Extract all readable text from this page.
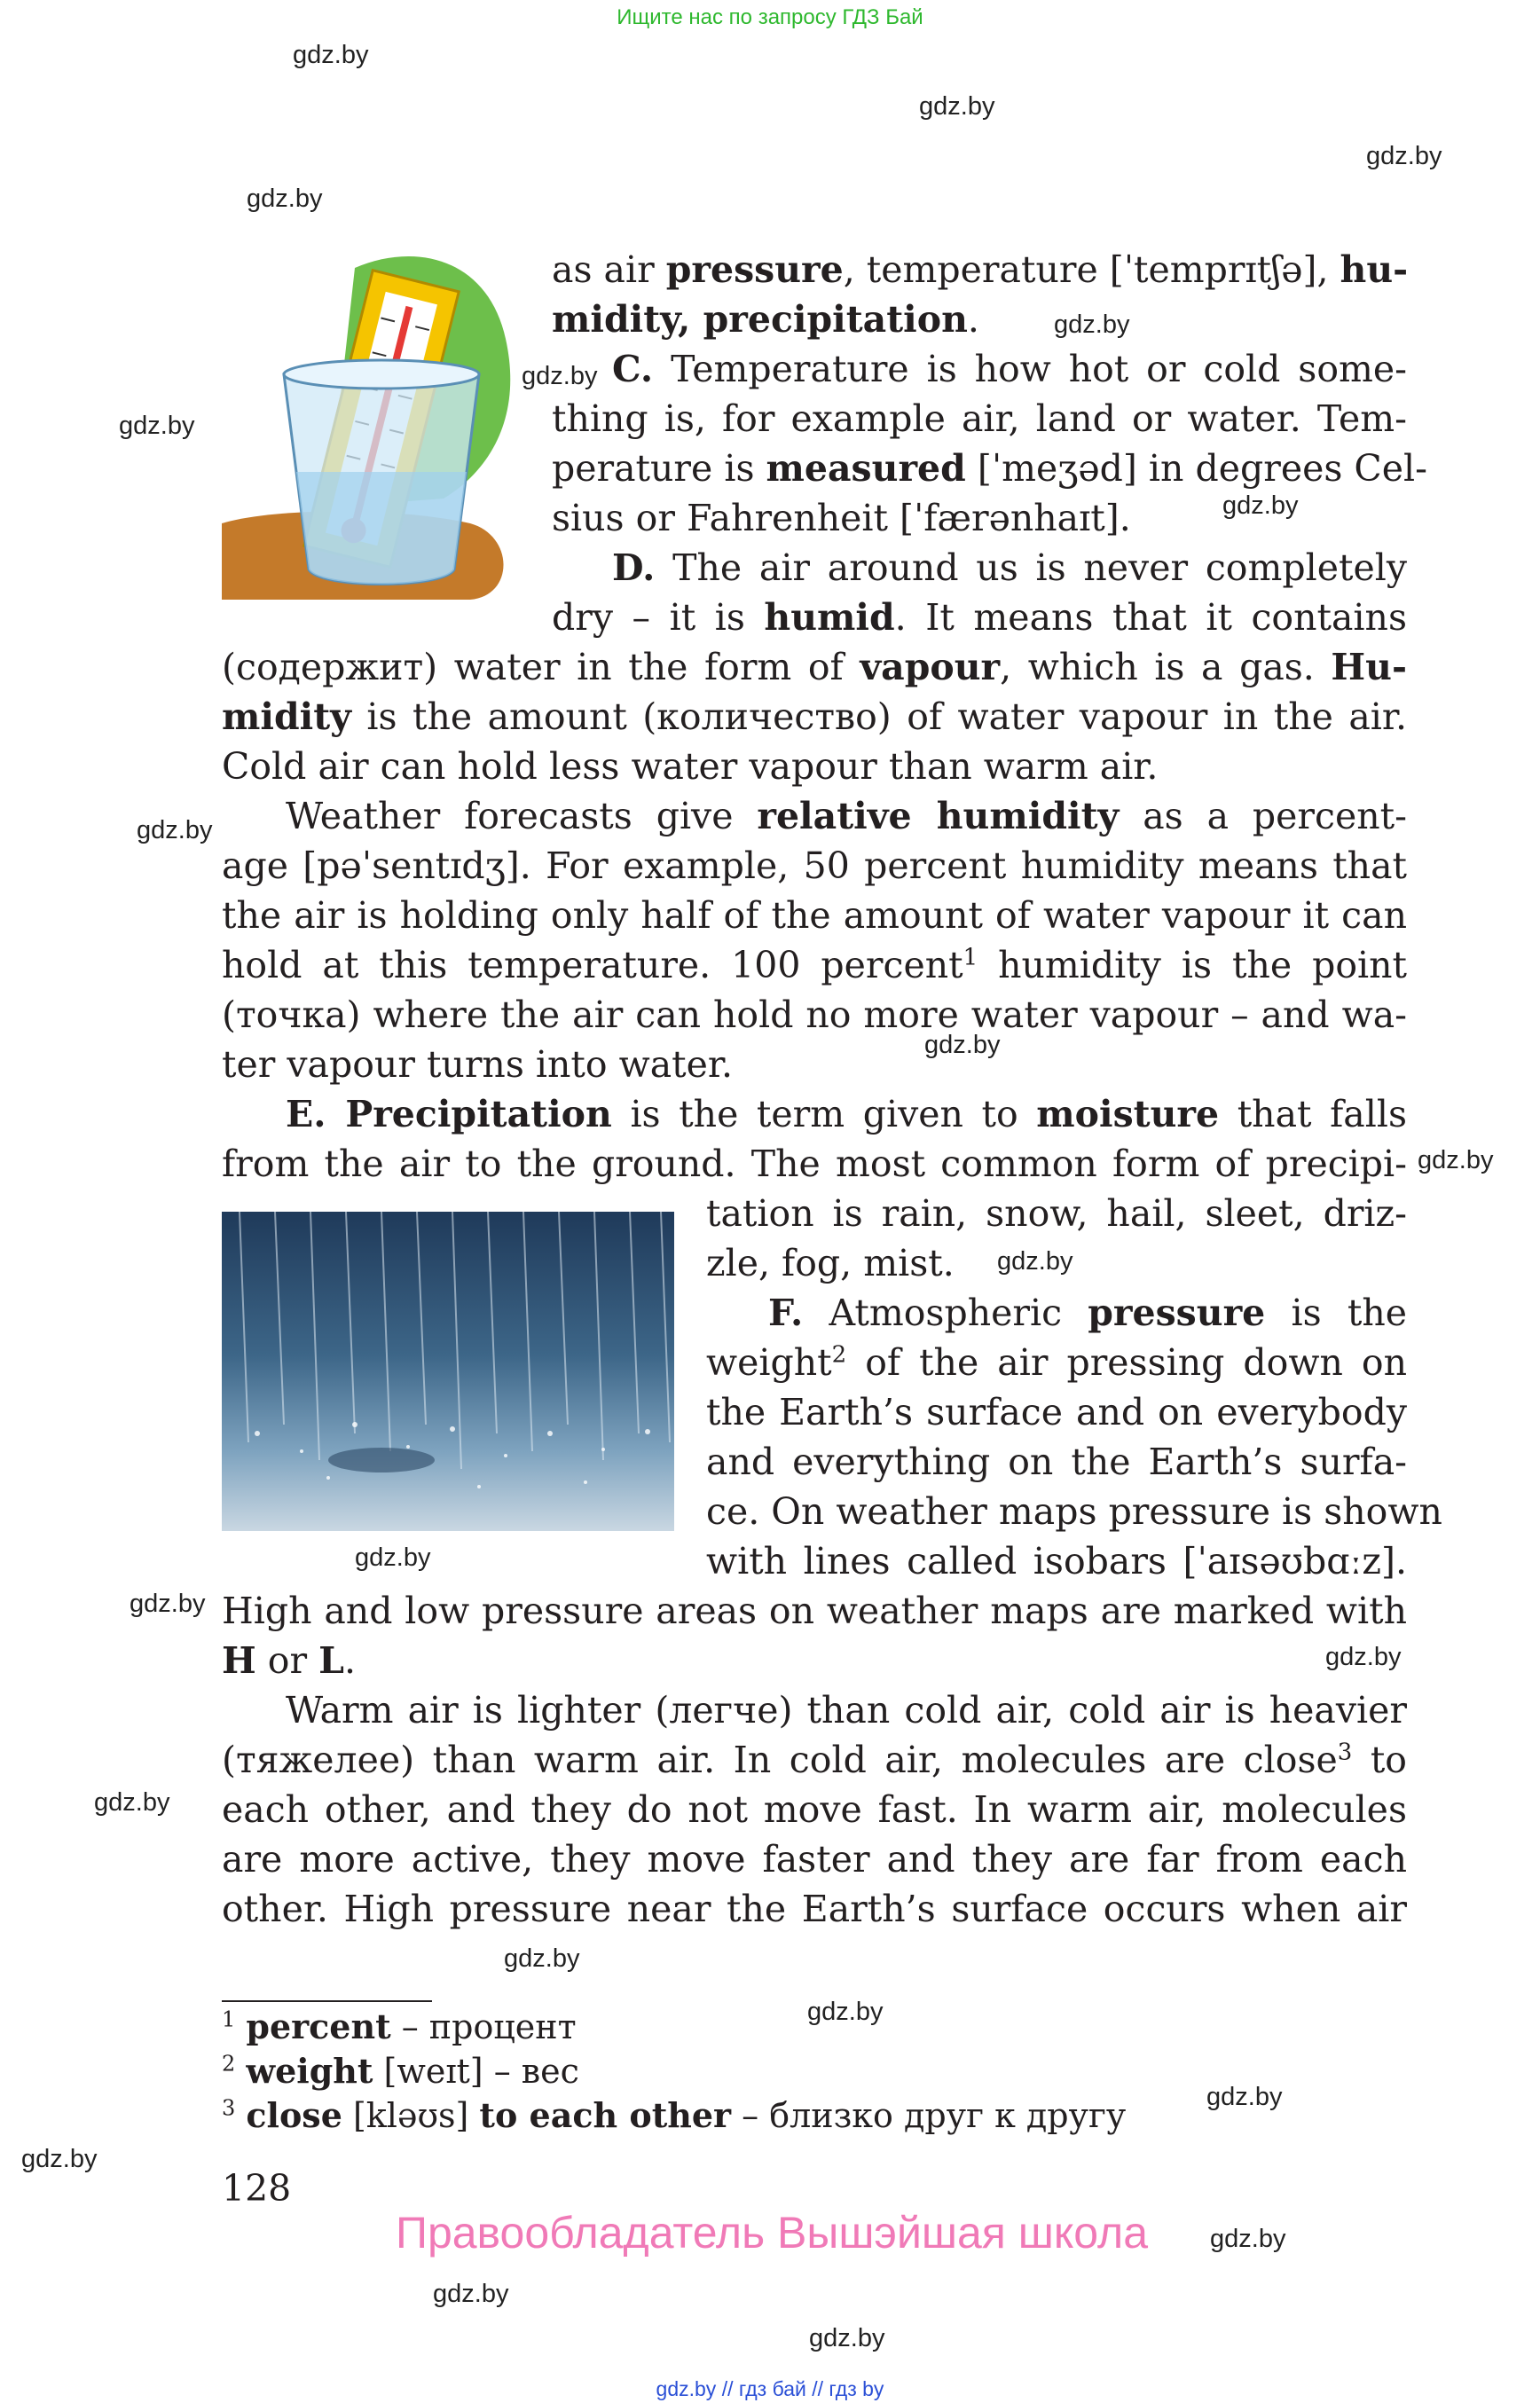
Ищите нас по запросу ГДЗ Бай
gdz.by
gdz.by
gdz.by
gdz.by
gdz.by
gdz.by
gdz.by
gdz.by
gdz.by
gdz.by
gdz.by
gdz.by
gdz.by
gdz.by
gdz.by
gdz.by
gdz.by
gdz.by
gdz.by
gdz.by
gdz.by
gdz.by
gdz.by
as air pressure, temperature [ˈtemprɪtʃə], hu-
midity, precipitation.
C. Temperature is how hot or cold some-
thing is, for example air, land or water. Tem-
perature is measured [ˈmeʒəd] in degrees Cel-
sius or Fahrenheit [ˈfærənhaɪt].
D. The air around us is never completely
dry – it is humid. It means that it contains
(содержит) water in the form of vapour, which is a gas. Hu-
midity is the amount (количество) of water vapour in the air.
Cold air can hold less water vapour than warm air.
Weather forecasts give relative humidity as a percent-
age [pəˈsentɪdʒ]. For example, 50 percent humidity means that
the air is holding only half of the amount of water vapour it can
hold at this temperature. 100 percent$^1$ humidity is the point
(точка) where the air can hold no more water vapour – and wa-
ter vapour turns into water.
E. Precipitation is the term given to moisture that falls
from the air to the ground. The most common form of precipi-
tation is rain, snow, hail, sleet, driz-
zle, fog, mist.
F. Atmospheric pressure is the
weight$^2$ of the air pressing down on
the Earth’s surface and on everybody
and everything on the Earth’s surfa-
ce. On weather maps pressure is shown
with lines called isobars [ˈaɪsəʊbɑːz].
High and low pressure areas on weather maps are marked with
H or L.
Warm air is lighter (легче) than cold air, cold air is heavier
(тяжелее) than warm air. In cold air, molecules are close$^3$ to
each other, and they do not move fast. In warm air, molecules
are more active, they move faster and they are far from each
other. High pressure near the Earth’s surface occurs when air
$^1$ percent – процент
$^2$ weight [weɪt] – вес
$^3$ close [kləʊs] to each other – близко друг к другу
128
Правообладатель Вышэйшая школа
gdz.by // гдз бай // гдз by
